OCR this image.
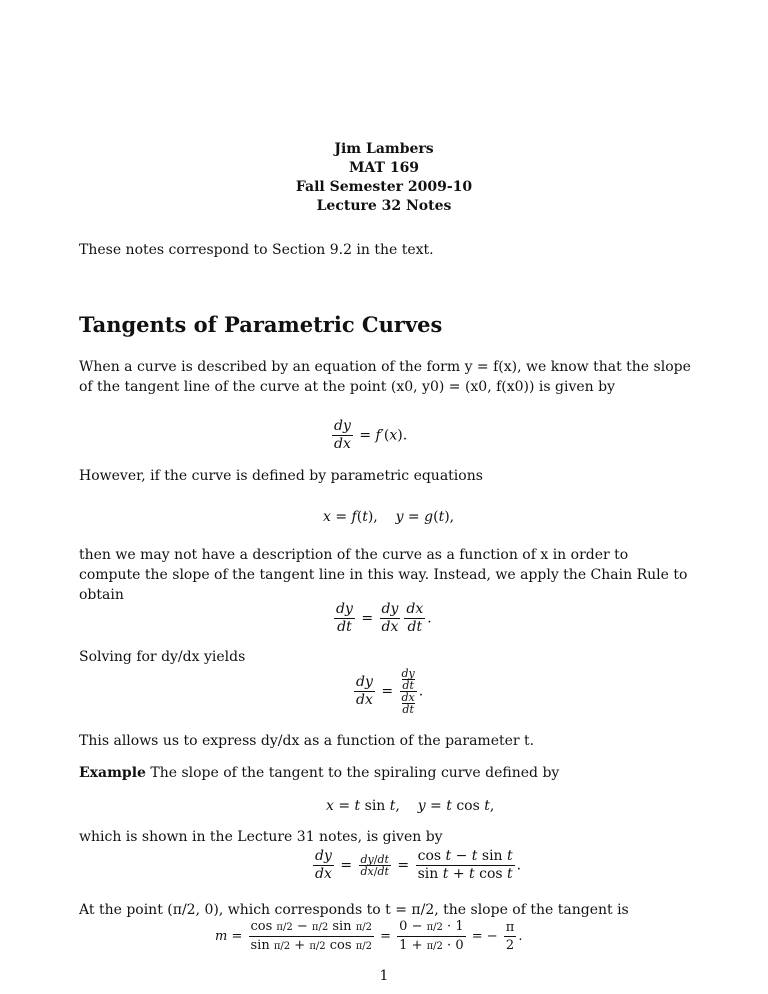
Jim Lambers
MAT 169
Fall Semester 2009-10
Lecture 32 Notes

These notes correspond to Section 9.2 in the text.

Tangents of Parametric Curves

When a curve is described by an equation of the form y = f(x), we know that the slope of the tangent line of the curve at the point (x0, y0) = (x0, f(x0)) is given by

$\frac{dy}{dx} = f'(x)$.

However, if the curve is defined by parametric equations

x = f(t),    y = g(t),

then we may not have a description of the curve as a function of x in order to compute the slope of the tangent line in this way. Instead, we apply the Chain Rule to obtain

$\frac{dy}{dt} = \frac{dy}{dx} \frac{dx}{dt}$ .

Solving for dy/dx yields

$\frac{dy}{dx}$ =
dy

dt
dx

dt
.

This allows us to express dy/dx as a function of the parameter t.

Example The slope of the tangent to the spiraling curve defined by

x = t sin t,    y = t cos t,

which is shown in the Lecture 31 notes, is given by

$\frac{dy}{dx} = \frac{dy/dt}{dx/dt} = \frac{\text{cos t − t sin t}}{\text{sin t + t cos t}}$ .

At the point (π/2, 0), which corresponds to t = π/2, the slope of the tangent is

$m = \frac{\text{cos π/2 − π/2 sin π/2}}{\text{sin π/2 + π/2 cos π/2}} = \frac{0 - \pi/2 \cdot 1}{1 + \pi/2 \cdot 0}$ = − $\frac{\pi}{2}$ .
1
